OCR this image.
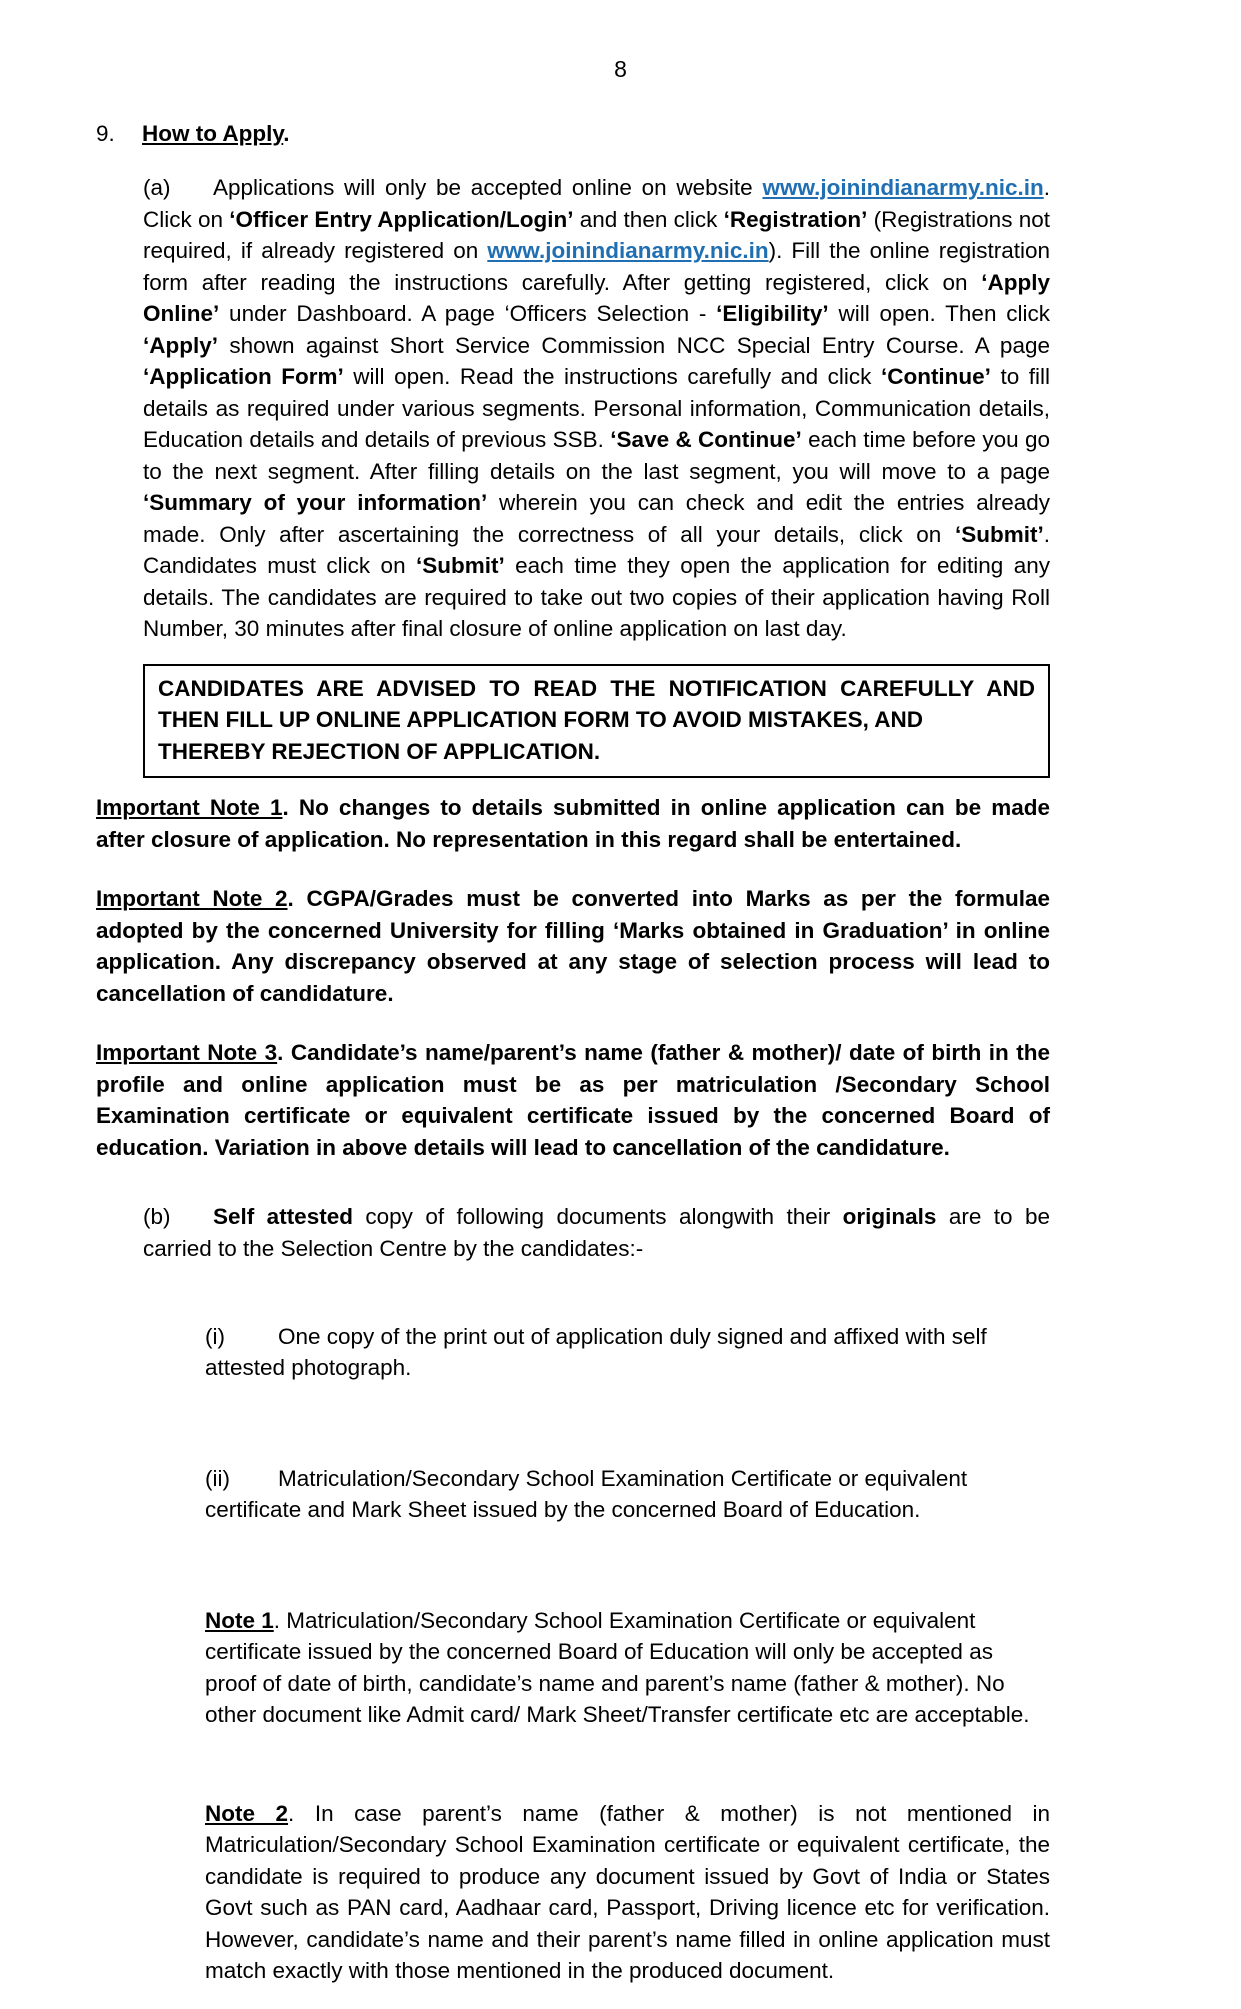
8
9.	How to Apply.

(a) Applications will only be accepted online on website www.joinindianarmy.nic.in. Click on ‘Officer Entry Application/Login’ and then click ‘Registration’ (Registrations not required, if already registered on www.joinindianarmy.nic.in). Fill the online registration form after reading the instructions carefully. After getting registered, click on ‘Apply Online’ under Dashboard. A page ‘Officers Selection - ‘Eligibility’ will open. Then click ‘Apply’ shown against Short Service Commission NCC Special Entry Course. A page ‘Application Form’ will open. Read the instructions carefully and click ‘Continue’ to fill details as required under various segments. Personal information, Communication details, Education details and details of previous SSB. ‘Save & Continue’ each time before you go to the next segment. After filling details on the last segment, you will move to a page ‘Summary of your information’ wherein you can check and edit the entries already made. Only after ascertaining the correctness of all your details, click on ‘Submit’. Candidates must click on ‘Submit’ each time they open the application for editing any details. The candidates are required to take out two copies of their application having Roll Number, 30 minutes after final closure of online application on last day.

CANDIDATES ARE ADVISED TO READ THE NOTIFICATION CAREFULLY AND THEN FILL UP ONLINE APPLICATION FORM TO AVOID MISTAKES, AND

THEREBY REJECTION OF APPLICATION.

Important Note 1. No changes to details submitted in online application can be made after closure of application. No representation in this regard shall be entertained.

Important Note 2. CGPA/Grades must be converted into Marks as per the formulae adopted by the concerned University for filling ‘Marks obtained in Graduation’ in online application. Any discrepancy observed at any stage of selection process will lead to cancellation of candidature.

Important Note 3. Candidate’s name/parent’s name (father & mother)/ date of birth in the profile and online application must be as per matriculation /Secondary School Examination certificate or equivalent certificate issued by the concerned Board of education. Variation in above details will lead to cancellation of the candidature.

(b) Self attested copy of following documents alongwith their originals are to be carried to the Selection Centre by the candidates:-

(i) One copy of the print out of application duly signed and affixed with self attested photograph.

(ii) Matriculation/Secondary School Examination Certificate or equivalent certificate and Mark Sheet issued by the concerned Board of Education.

Note 1. Matriculation/Secondary School Examination Certificate or equivalent certificate issued by the concerned Board of Education will only be accepted as proof of date of birth, candidate’s name and parent’s name (father & mother). No other document like Admit card/ Mark Sheet/Transfer certificate etc are acceptable.

Note 2. In case parent’s name (father & mother) is not mentioned in Matriculation/Secondary School Examination certificate or equivalent certificate, the candidate is required to produce any document issued by Govt of India or States Govt such as PAN card, Aadhaar card, Passport, Driving licence etc for verification. However, candidate’s name and their parent’s name filled in online application must match exactly with those mentioned in the produced document.
